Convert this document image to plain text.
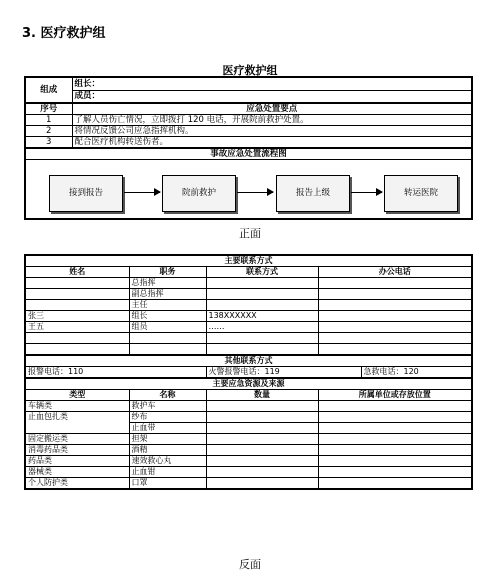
3. 医疗救护组
医疗救护组
组成	组长：
	成员：
序号	应急处置要点
1	了解人员伤亡情况，立即拨打 120 电话，开展院前救护处置。
2	将情况反馈公司应急指挥机构。
3	配合医疗机构转送伤者。
事故应急处置流程图	

接到报告 院前救护 报告上级 转运医院	
正面
主要联系方式				
姓名	职务	联系方式	办公电话	
	总指挥			
	副总指挥			
	主任			
张三	组长	138XXXXXX		
王五	组员	……		

其他联系方式				
报警电话：110		火警报警电话：119		急救电话：120
主要应急资源及来源				
类型	名称	数量	所属单位或存放位置	
车辆类	救护车			
止血包扎类	纱布			
	止血带			
固定搬运类	担架			
消毒药品类	酒精			
药品类	速效救心丸			
器械类	止血钳			
个人防护类	口罩			
反面
